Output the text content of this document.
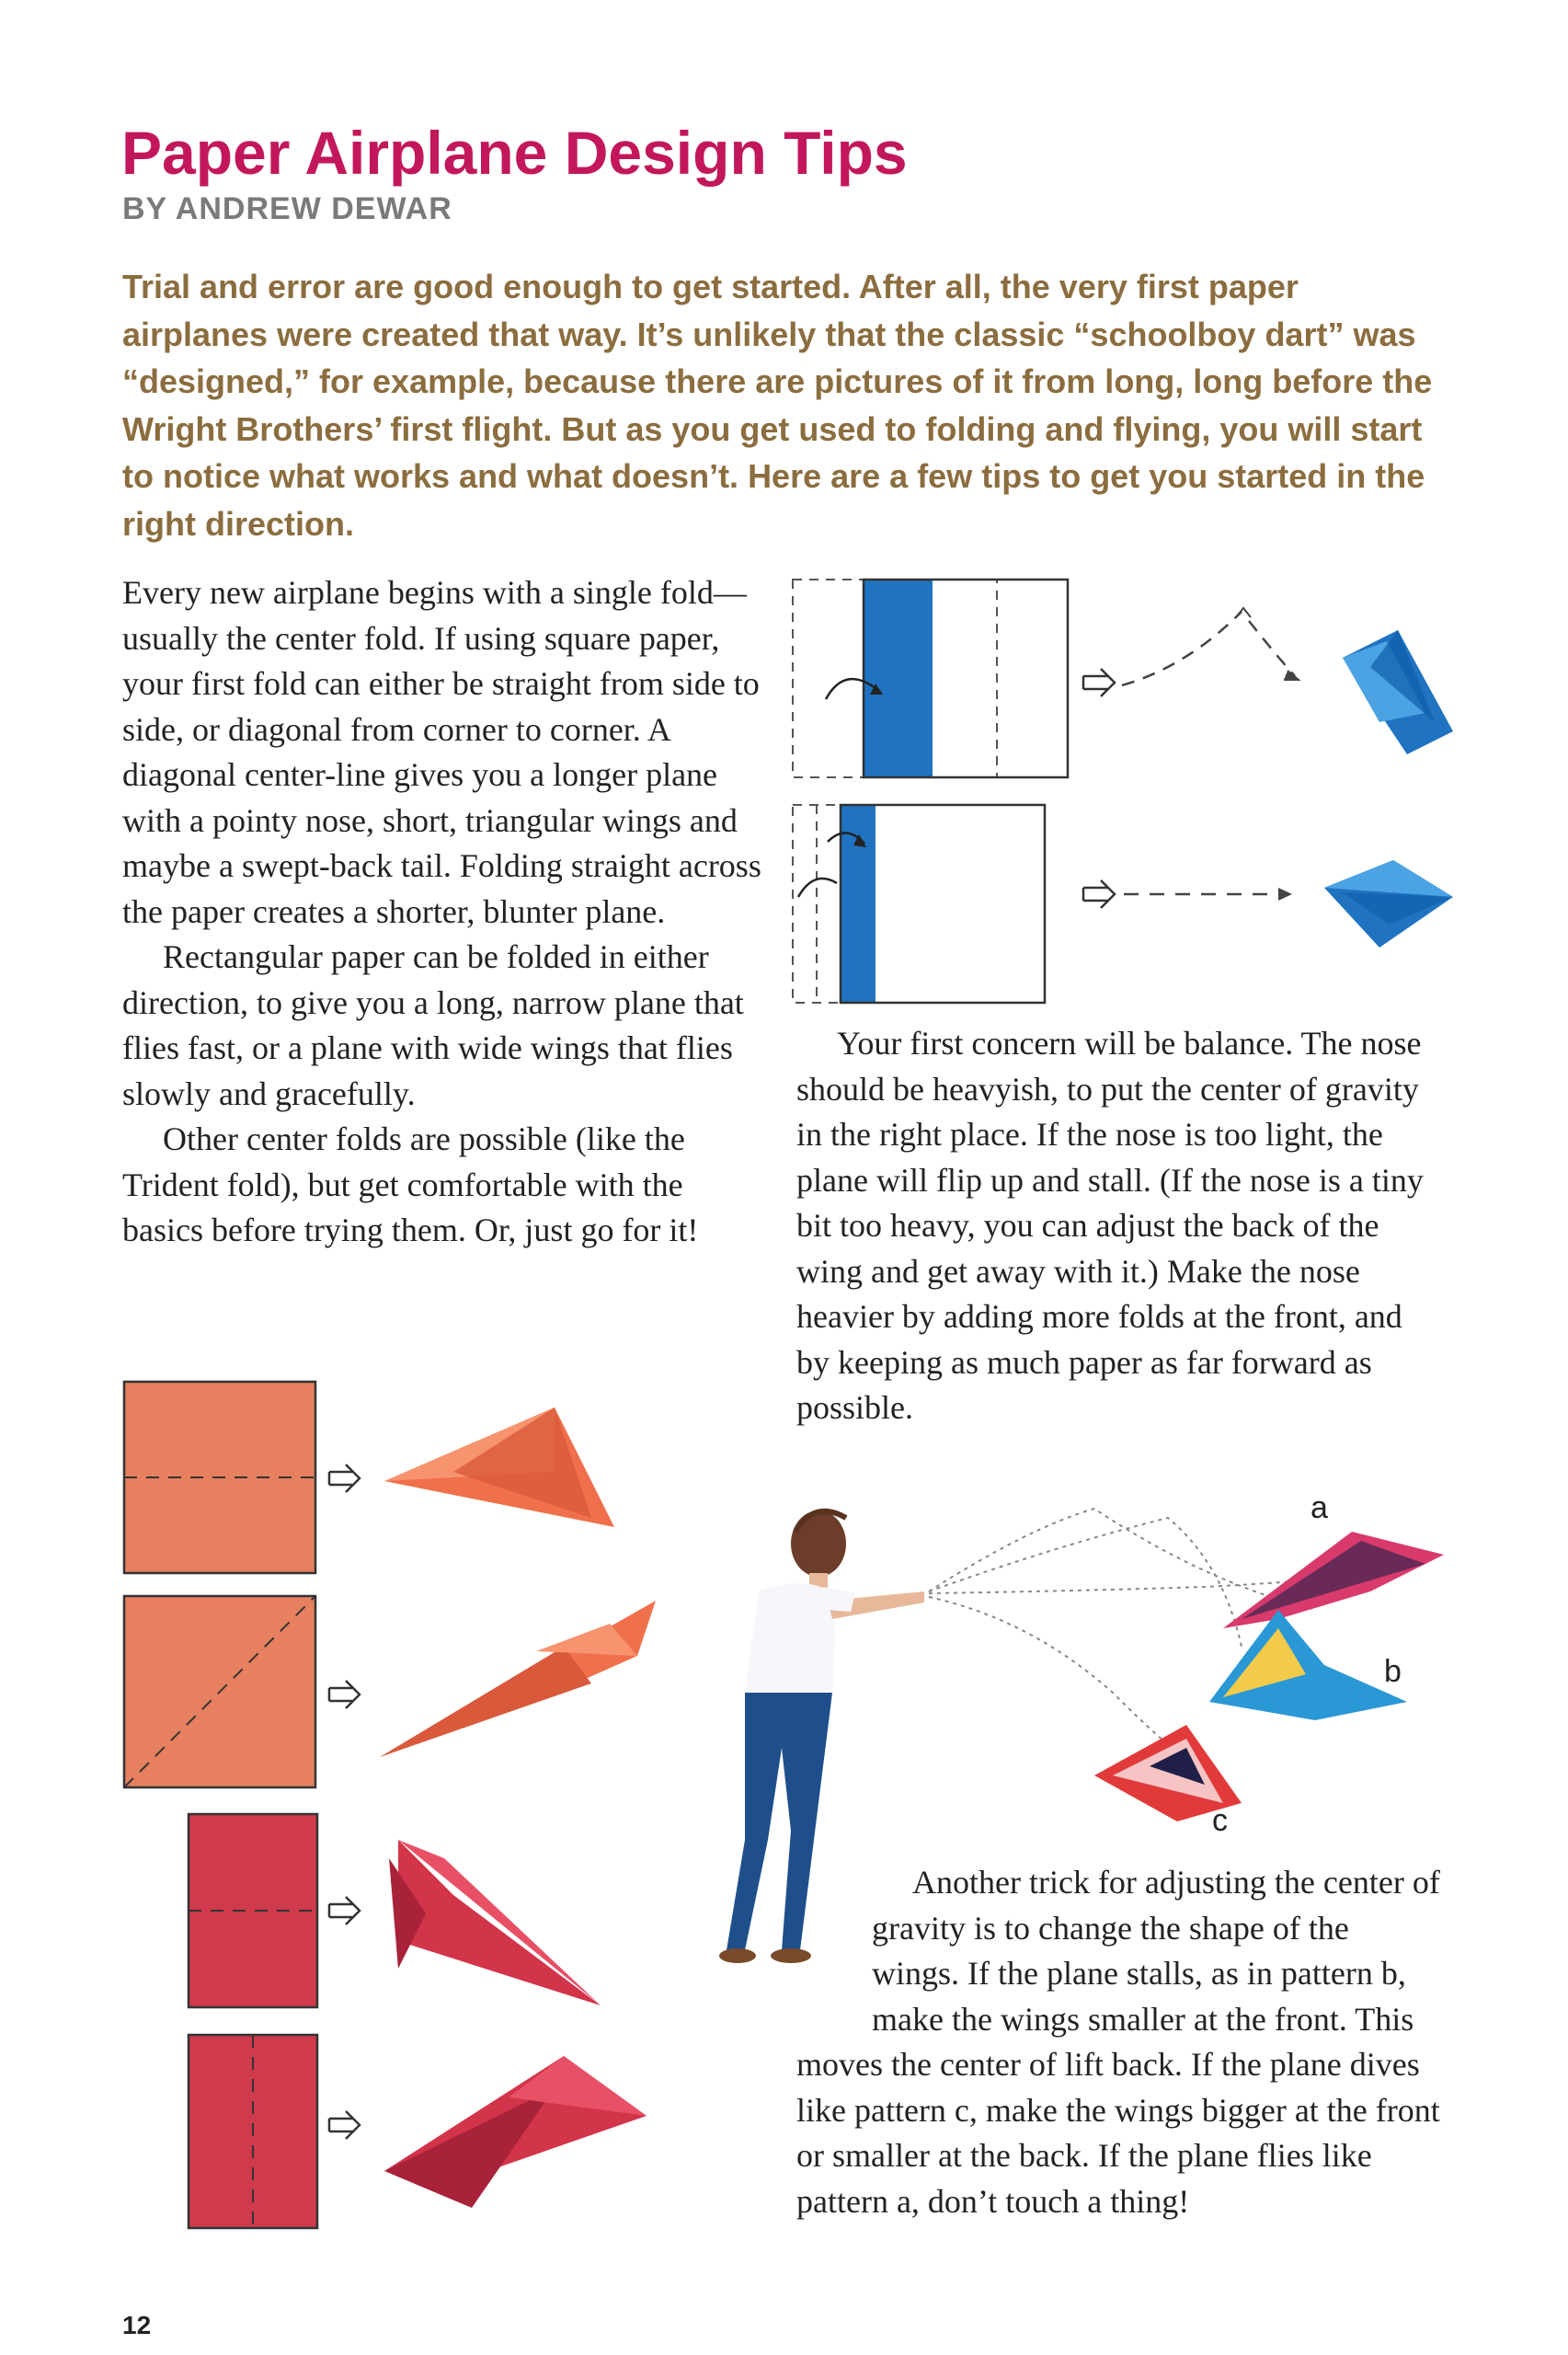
Paper Airplane Design Tips
BY ANDREW DEWAR

Trial and error are good enough to get started. After all, the very first paper airplanes were created that way. It’s unlikely that the classic “schoolboy dart” was “designed,” for example, because there are pictures of it from long, long before the Wright Brothers’ first flight. But as you get used to folding and flying, you will start to notice what works and what doesn’t. Here are a few tips to get you started in the right direction.

Every new airplane begins with a single fold—usually the center fold. If using square paper, your first fold can either be straight from side to side, or diagonal from corner to corner. A diagonal center-line gives you a longer plane with a pointy nose, short, triangular wings and maybe a swept-back tail. Folding straight across the paper creates a shorter, blunter plane.

Rectangular paper can be folded in either direction, to give you a long, narrow plane that flies fast, or a plane with wide wings that flies slowly and gracefully.

Other center folds are possible (like the Trident fold), but get comfortable with the basics before trying them. Or, just go for it!

Your first concern will be balance. The nose should be heavyish, to put the center of gravity in the right place. If the nose is too light, the plane will flip up and stall. (If the nose is a tiny bit too heavy, you can adjust the back of the wing and get away with it.) Make the nose heavier by adding more folds at the front, and by keeping as much paper as far forward as possible.

a
b
c

Another trick for adjusting the center of gravity is to change the shape of the wings. If the plane stalls, as in pattern b, make the wings smaller at the front. This moves the center of lift back. If the plane dives like pattern c, make the wings bigger at the front or smaller at the back. If the plane flies like pattern a, don’t touch a thing!

12
